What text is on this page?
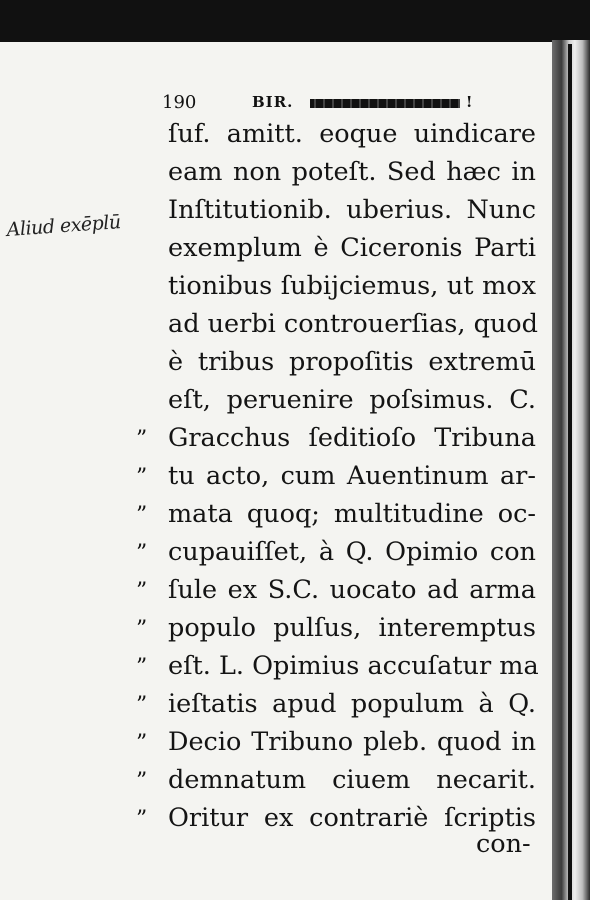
190	BIR.	!
Aliud exēplū
ſuf. amitt. eoque uindicare
eam non poteſt. Sed hæc in
Inſtitutionib. uberius. Nunc
exemplum è Ciceronis Parti
tionibus ſubijciemus, ut mox
ad uerbi controuerſias, quod
è tribus propoſitis extremū
eſt, peruenire poſsimus. C.
” Gracchus ſeditioſo Tribuna
” tu acto, cum Auentinum ar-
” mata quoq; multitudine oc-
” cupauiſſet, à Q. Opimio con
” ſule ex S.C. uocato ad arma
” populo pulſus, interemptus
” eſt. L. Opimius accuſatur ma
” ieſtatis apud populum à Q.
” Decio Tribuno pleb. quod in
” demnatum ciuem necarit.
” Oritur ex contrariè ſcriptis
con-
